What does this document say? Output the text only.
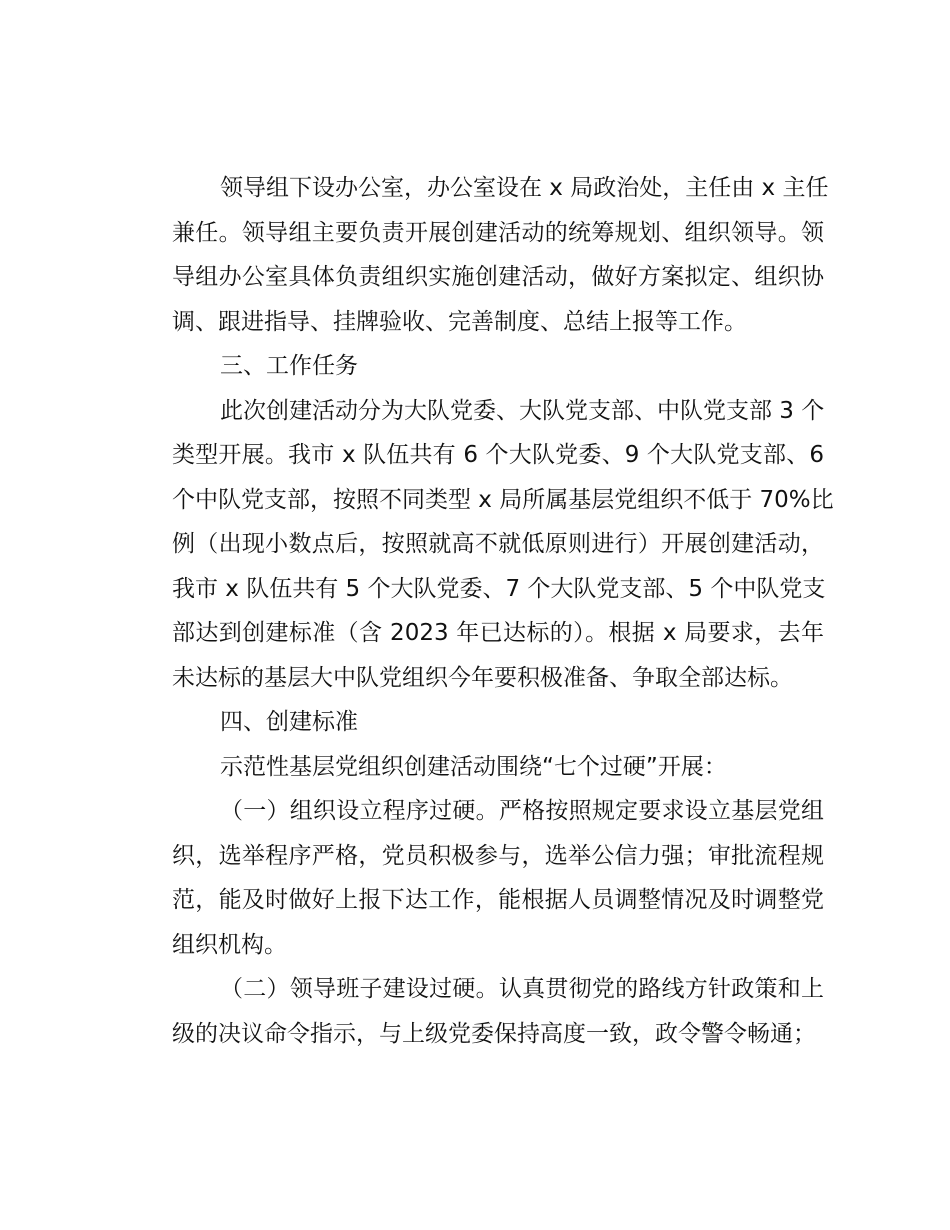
领导组下设办公室，办公室设在 x 局政治处，主任由 x 主任
兼任。领导组主要负责开展创建活动的统筹规划、组织领导。领
导组办公室具体负责组织实施创建活动，做好方案拟定、组织协
调、跟进指导、挂牌验收、完善制度、总结上报等工作。
三、工作任务
此次创建活动分为大队党委、大队党支部、中队党支部 3 个
类型开展。我市 x 队伍共有 6 个大队党委、9 个大队党支部、6
个中队党支部，按照不同类型 x 局所属基层党组织不低于 70%比
例（出现小数点后，按照就高不就低原则进行）开展创建活动，
我市 x 队伍共有 5 个大队党委、7 个大队党支部、5 个中队党支
部达到创建标准（含 2023 年已达标的）。根据 x 局要求，去年
未达标的基层大中队党组织今年要积极准备、争取全部达标。
四、创建标准
示范性基层党组织创建活动围绕“七个过硬”开展：
（一）组织设立程序过硬。严格按照规定要求设立基层党组
织，选举程序严格，党员积极参与，选举公信力强；审批流程规
范，能及时做好上报下达工作，能根据人员调整情况及时调整党
组织机构。
（二）领导班子建设过硬。认真贯彻党的路线方针政策和上
级的决议命令指示，与上级党委保持高度一致，政令警令畅通；
